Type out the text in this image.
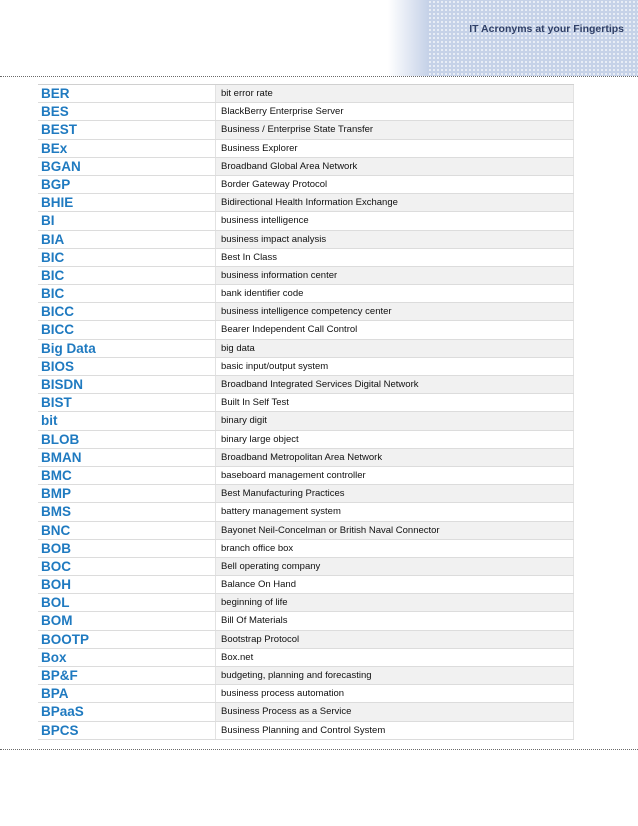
IT Acronyms at your Fingertips
BER	bit error rate
BES	BlackBerry Enterprise Server
BEST	Business / Enterprise State Transfer
BEx	Business Explorer
BGAN	Broadband Global Area Network
BGP	Border Gateway Protocol
BHIE	Bidirectional Health Information Exchange
BI	business intelligence
BIA	business impact analysis
BIC	Best In Class
BIC	business information center
BIC	bank identifier code
BICC	business intelligence competency center
BICC	Bearer Independent Call Control
Big Data	big data
BIOS	basic input/output system
BISDN	Broadband Integrated Services Digital Network
BIST	Built In Self Test
bit	binary digit
BLOB	binary large object
BMAN	Broadband Metropolitan Area Network
BMC	baseboard management controller
BMP	Best Manufacturing Practices
BMS	battery management system
BNC	Bayonet Neil-Concelman or British Naval Connector
BOB	branch office box
BOC	Bell operating company
BOH	Balance On Hand
BOL	beginning of life
BOM	Bill Of Materials
BOOTP	Bootstrap Protocol
Box	Box.net
BP&F	budgeting, planning and forecasting
BPA	business process automation
BPaaS	Business Process as a Service
BPCS	Business Planning and Control System
